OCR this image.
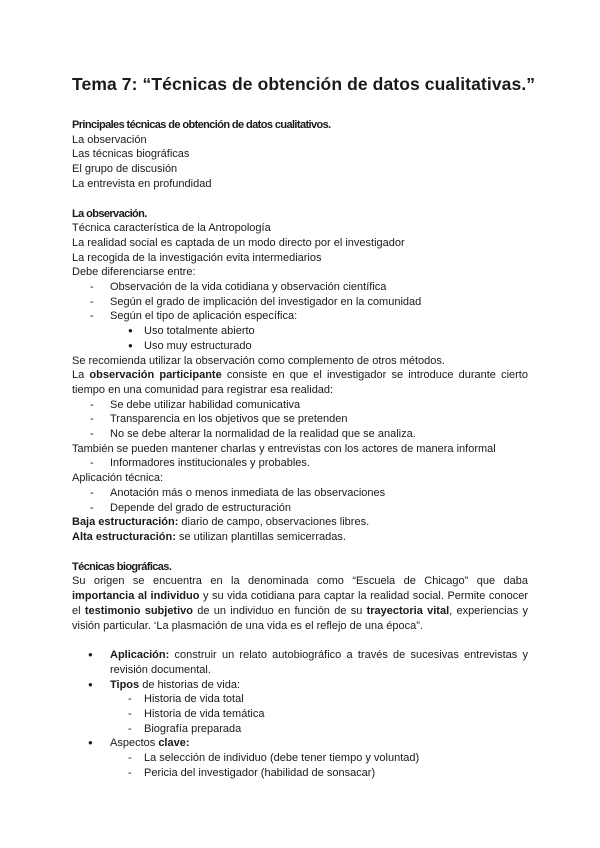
Tema 7: “Técnicas de obtención de datos cualitativas.”
Principales técnicas de obtención de datos cualitativos.
La observación
Las técnicas biográficas
El grupo de discusión
La entrevista en profundidad
La observación.
Técnica característica de la Antropología
La realidad social es captada de un modo directo por el investigador
La recogida de la investigación evita intermediarios
Debe diferenciarse entre:
- Observación de la vida cotidiana y observación científica
- Según el grado de implicación del investigador en la comunidad
- Según el tipo de aplicación específica:
● Uso totalmente abierto
● Uso muy estructurado
Se recomienda utilizar la observación como complemento de otros métodos.
La observación participante consiste en que el investigador se introduce durante cierto
tiempo en una comunidad para registrar esa realidad:
- Se debe utilizar habilidad comunicativa
- Transparencia en los objetivos que se pretenden
- No se debe alterar la normalidad de la realidad que se analiza.
También se pueden mantener charlas y entrevistas con los actores de manera informal
- Informadores institucionales y probables.
Aplicación técnica:
- Anotación más o menos inmediata de las observaciones
- Depende del grado de estructuración
Baja estructuración: diario de campo, observaciones libres.
Alta estructuración: se utilizan plantillas semicerradas.
Técnicas biográficas.
Su origen se encuentra en la denominada como “Escuela de Chicago” que daba
importancia al individuo y su vida cotidiana para captar la realidad social. Permite conocer
el testimonio subjetivo de un individuo en función de su trayectoria vital, experiencias y
visión particular. ‘La plasmación de una vida es el reflejo de una época”.
● Aplicación: construir un relato autobiográfico a través de sucesivas entrevistas y
revisión documental.
● Tipos de historias de vida:
- Historia de vida total
- Historia de vida temática
- Biografía preparada
● Aspectos clave:
- La selección de individuo (debe tener tiempo y voluntad)
- Pericia del investigador (habilidad de sonsacar)
